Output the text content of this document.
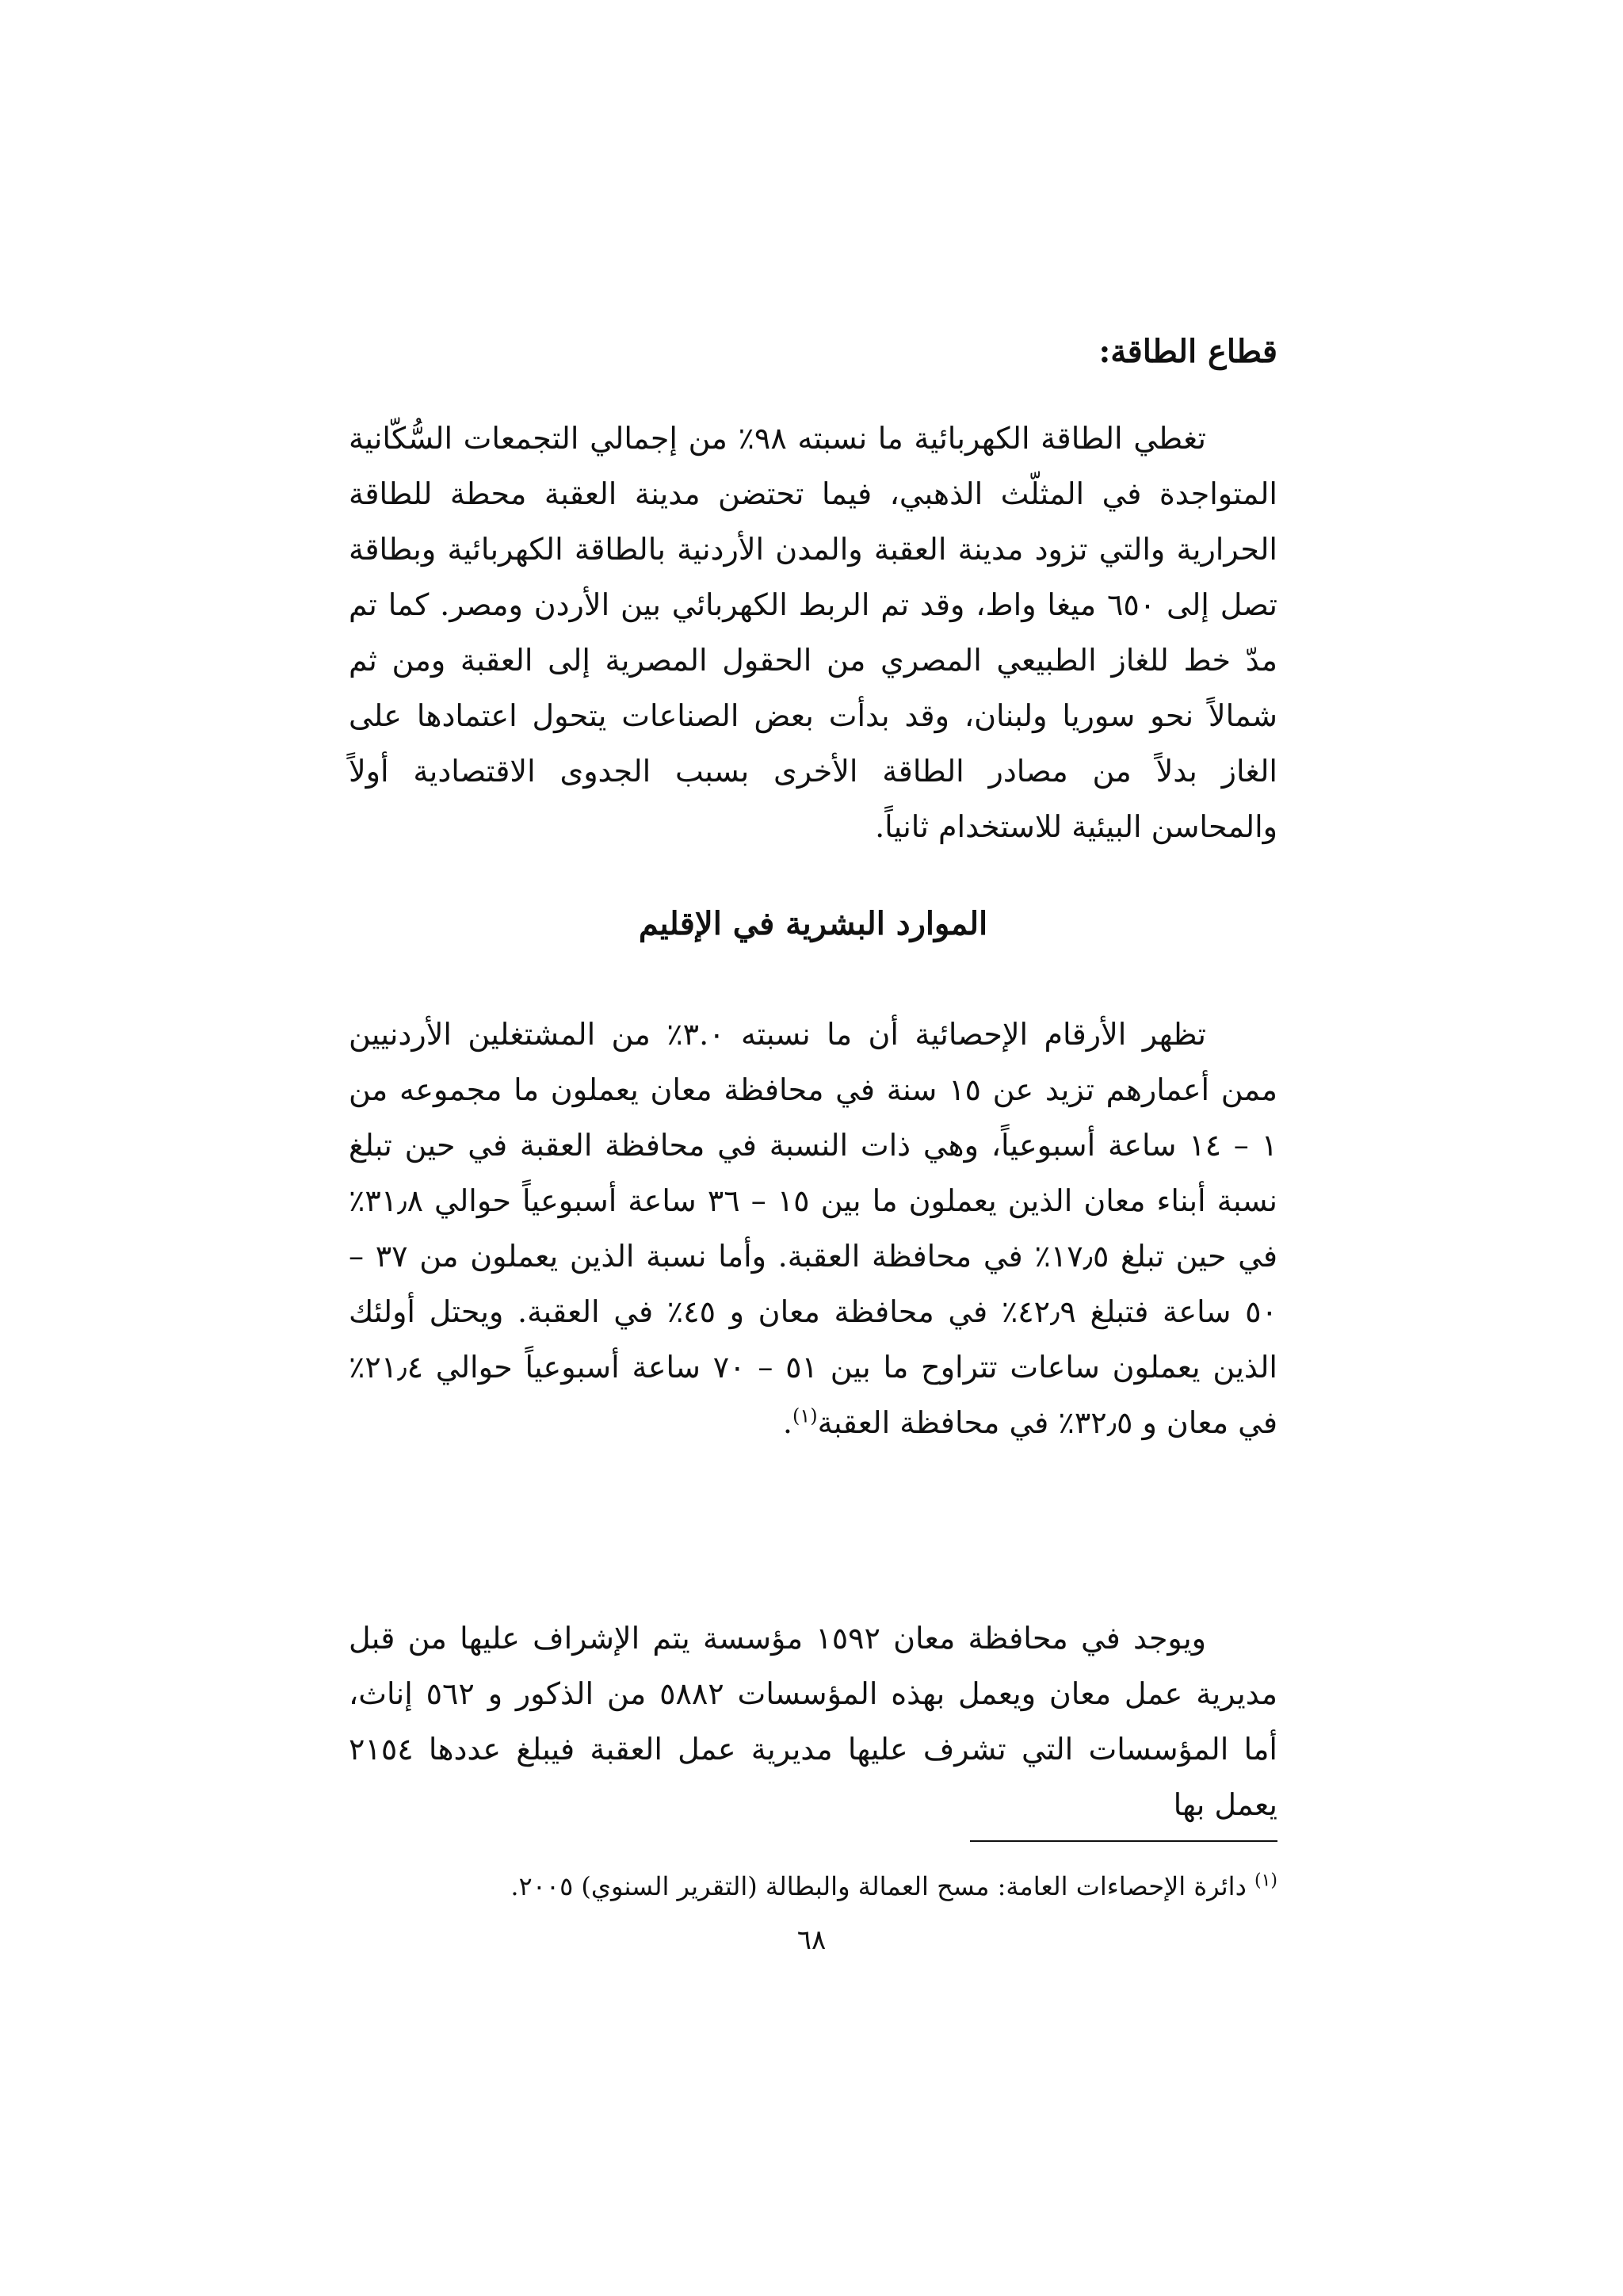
قطاع الطاقة:

تغطي الطاقة الكهربائية ما نسبته ٩٨٪ من إجمالي التجمعات السُّكّانية المتواجدة في المثلّث الذهبي، فيما تحتضن مدينة العقبة محطة للطاقة الحرارية والتي تزود مدينة العقبة والمدن الأردنية بالطاقة الكهربائية وبطاقة تصل إلى ٦٥٠ ميغا واط، وقد تم الربط الكهربائي بين الأردن ومصر. كما تم مدّ خط للغاز الطبيعي المصري من الحقول المصرية إلى العقبة ومن ثم شمالاً نحو سوريا ولبنان، وقد بدأت بعض الصناعات يتحول اعتمادها على الغاز بدلاً من مصادر الطاقة الأخرى بسبب الجدوى الاقتصادية أولاً والمحاسن البيئية للاستخدام ثانياً.

الموارد البشرية في الإقليم

تظهر الأرقام الإحصائية أن ما نسبته ٣.٠٪ من المشتغلين الأردنيين ممن أعمارهم تزيد عن ١٥ سنة في محافظة معان يعملون ما مجموعه من ١ – ١٤ ساعة أسبوعياً، وهي ذات النسبة في محافظة العقبة في حين تبلغ نسبة أبناء معان الذين يعملون ما بين ١٥ – ٣٦ ساعة أسبوعياً حوالي ٣١٫٨٪ في حين تبلغ ١٧٫٥٪ في محافظة العقبة. وأما نسبة الذين يعملون من ٣٧ – ٥٠ ساعة فتبلغ ٤٢٫٩٪ في محافظة معان و ٤٥٪ في العقبة. ويحتل أولئك الذين يعملون ساعات تتراوح ما بين ٥١ – ٧٠ ساعة أسبوعياً حوالي ٢١٫٤٪ في معان و ٣٢٫٥٪ في محافظة العقبة$^{(١)}$.

ويوجد في محافظة معان ١٥٩٢ مؤسسة يتم الإشراف عليها من قبل مديرية عمل معان ويعمل بهذه المؤسسات ٥٨٨٢ من الذكور و ٥٦٢ إناث، أما المؤسسات التي تشرف عليها مديرية عمل العقبة فيبلغ عددها ٢١٥٤ يعمل بها

$^{(١)}$ دائرة الإحصاءات العامة: مسح العمالة والبطالة (التقرير السنوي) ٢٠٠٥.

٦٨
